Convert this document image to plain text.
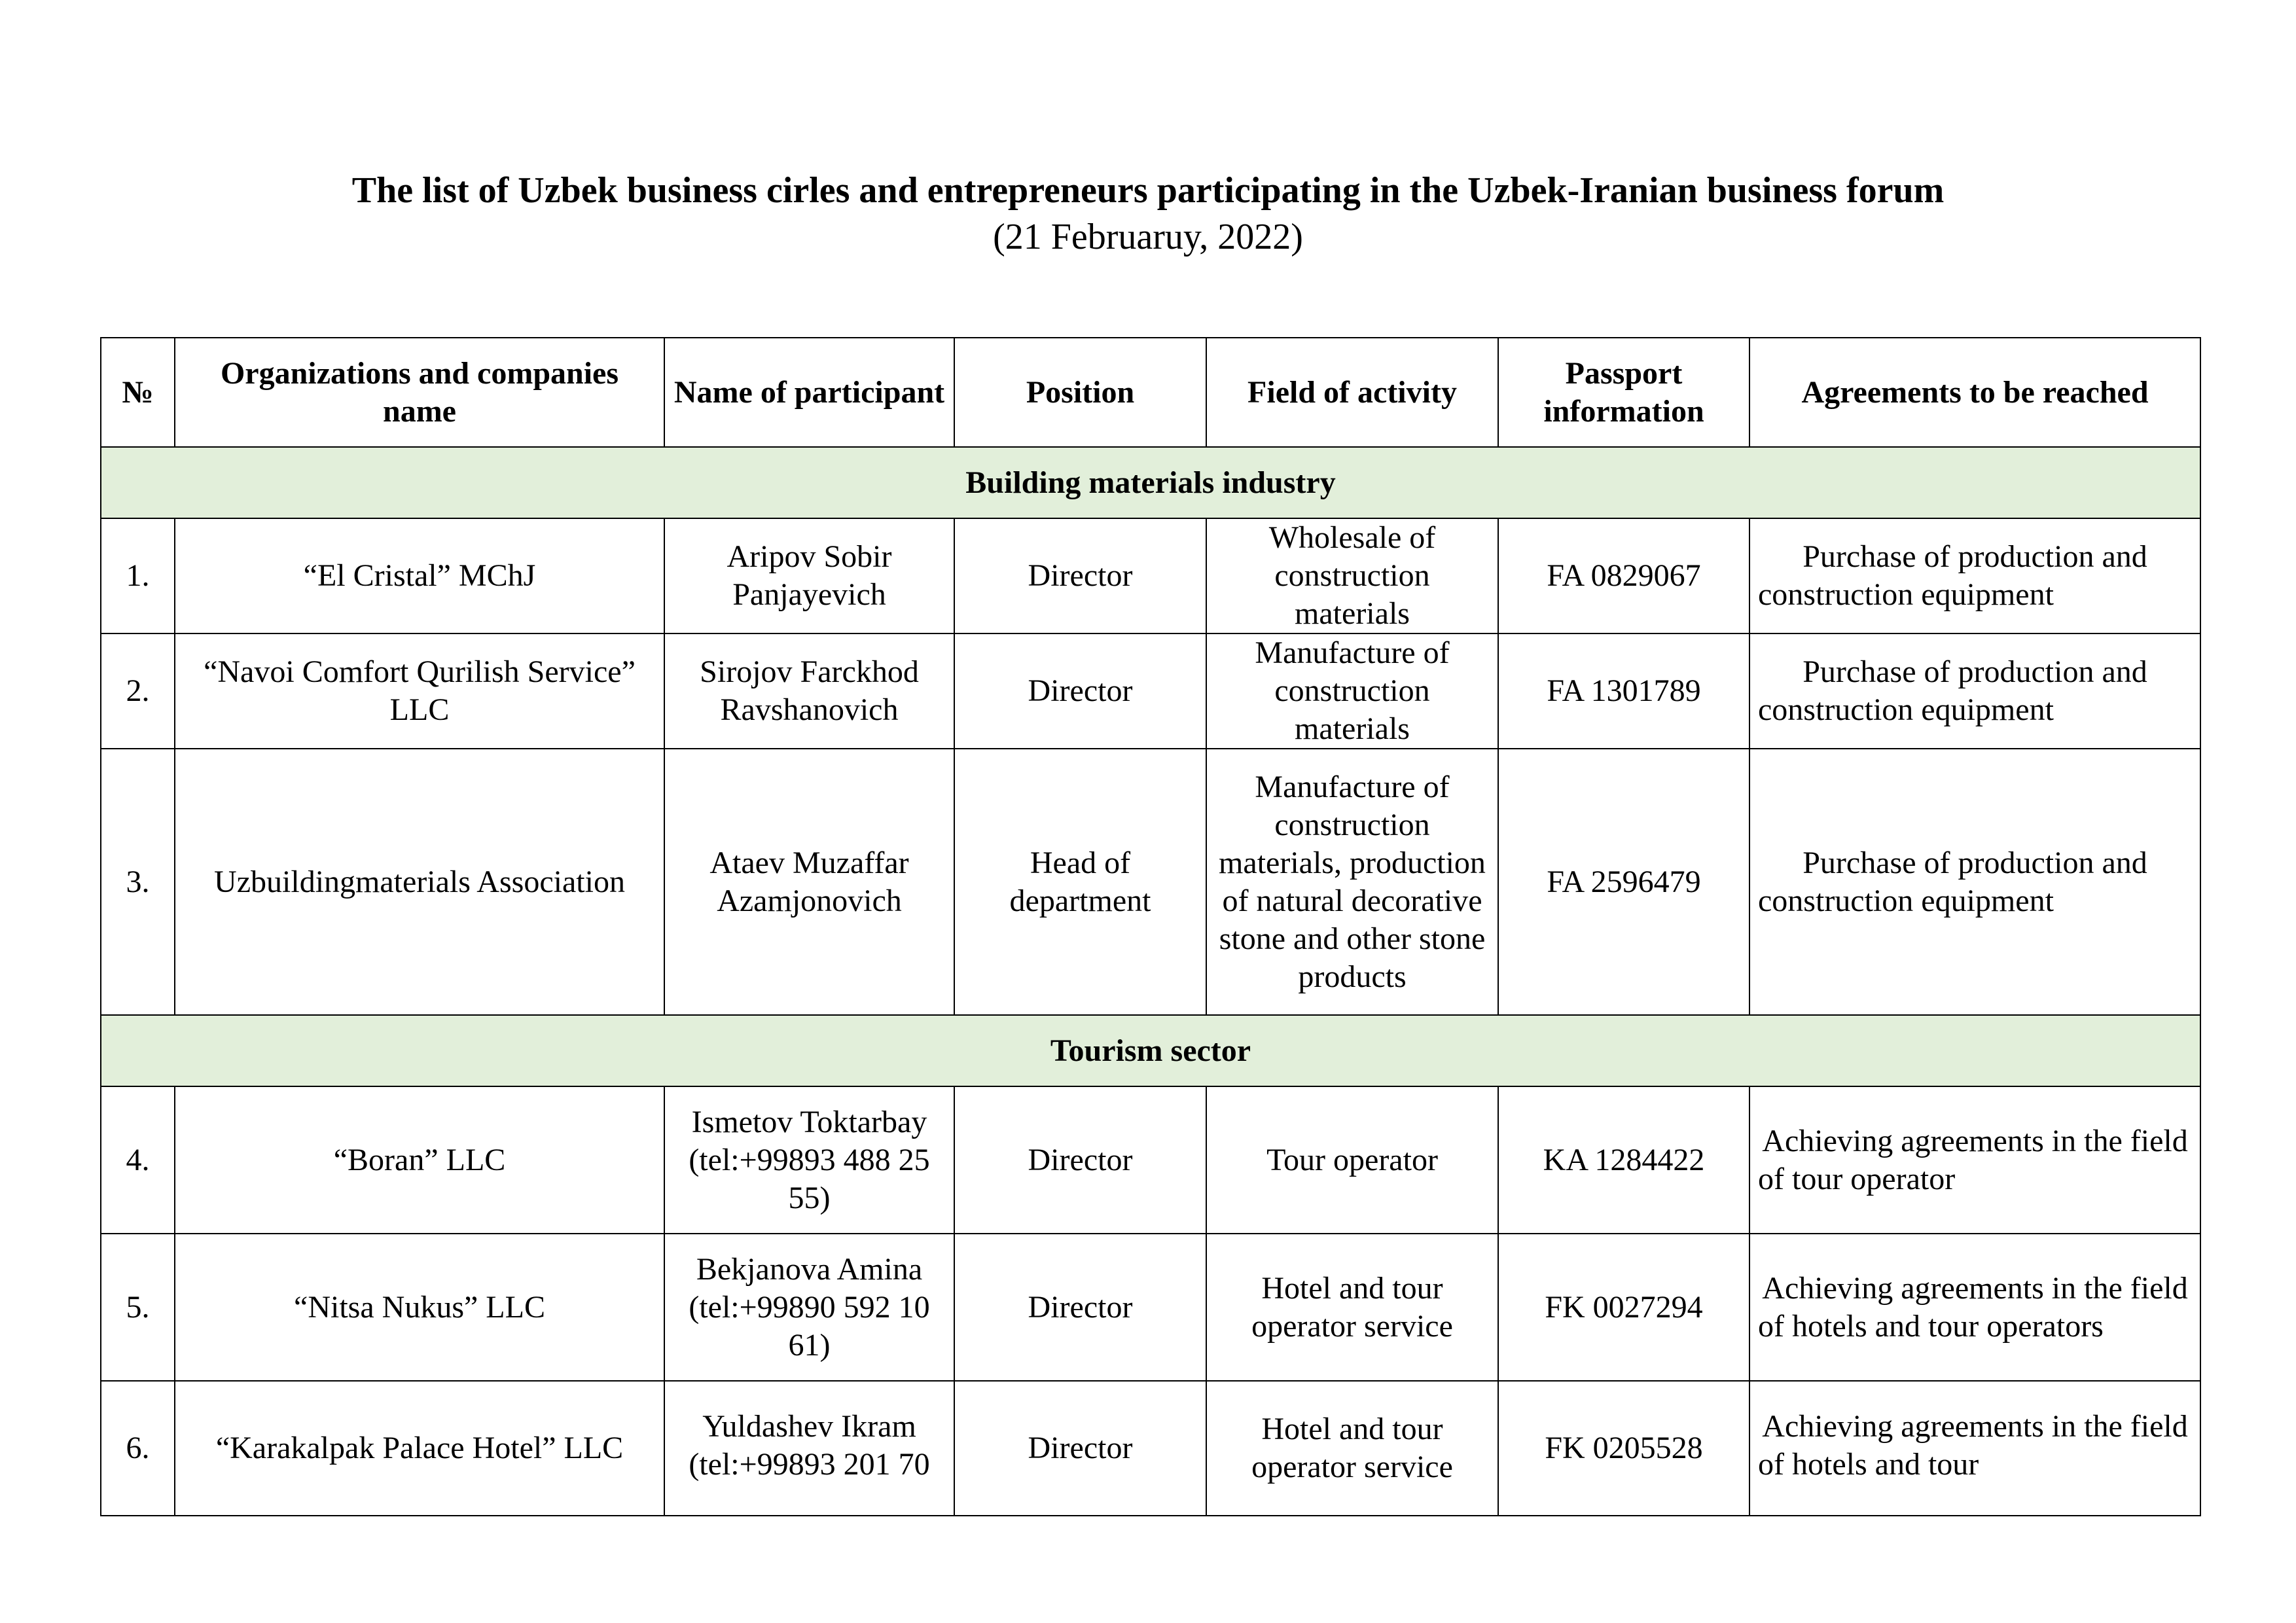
The list of Uzbek business cirles and entrepreneurs participating in the Uzbek-Iranian business forum

(21 Februaruy, 2022)

№	Organizations and companies name	Name of participant	Position	Field of activity	Passport information	Agreements to be reached
Building materials industry						
1.	“El Cristal” MChJ	Aripov Sobir Panjayevich	Director	Wholesale of construction materials	FA 0829067	Purchase of production and construction equipment
2.	“Navoi Comfort Qurilish Service” LLC	Sirojov Farckhod Ravshanovich	Director	Manufacture of construction materials	FA 1301789	Purchase of production and construction equipment
3.	Uzbuildingmaterials Association	Ataev Muzaffar Azamjonovich	Head of department	Manufacture of construction materials, production of natural decorative stone and other stone products	FA 2596479	Purchase of production and construction equipment
Tourism sector						
4.	“Boran” LLC	Ismetov Toktarbay (tel:+99893 488 25 55)	Director	Tour operator	KA 1284422	Achieving agreements in the field of tour operator
5.	“Nitsa Nukus” LLC	Bekjanova Amina (tel:+99890 592 10 61)	Director	Hotel and tour operator service	FK 0027294	Achieving agreements in the field of hotels and tour operators
6.	“Karakalpak Palace Hotel” LLC	Yuldashev Ikram (tel:+99893 201 70	Director	Hotel and tour operator service	FK 0205528	Achieving agreements in the field of hotels and tour
